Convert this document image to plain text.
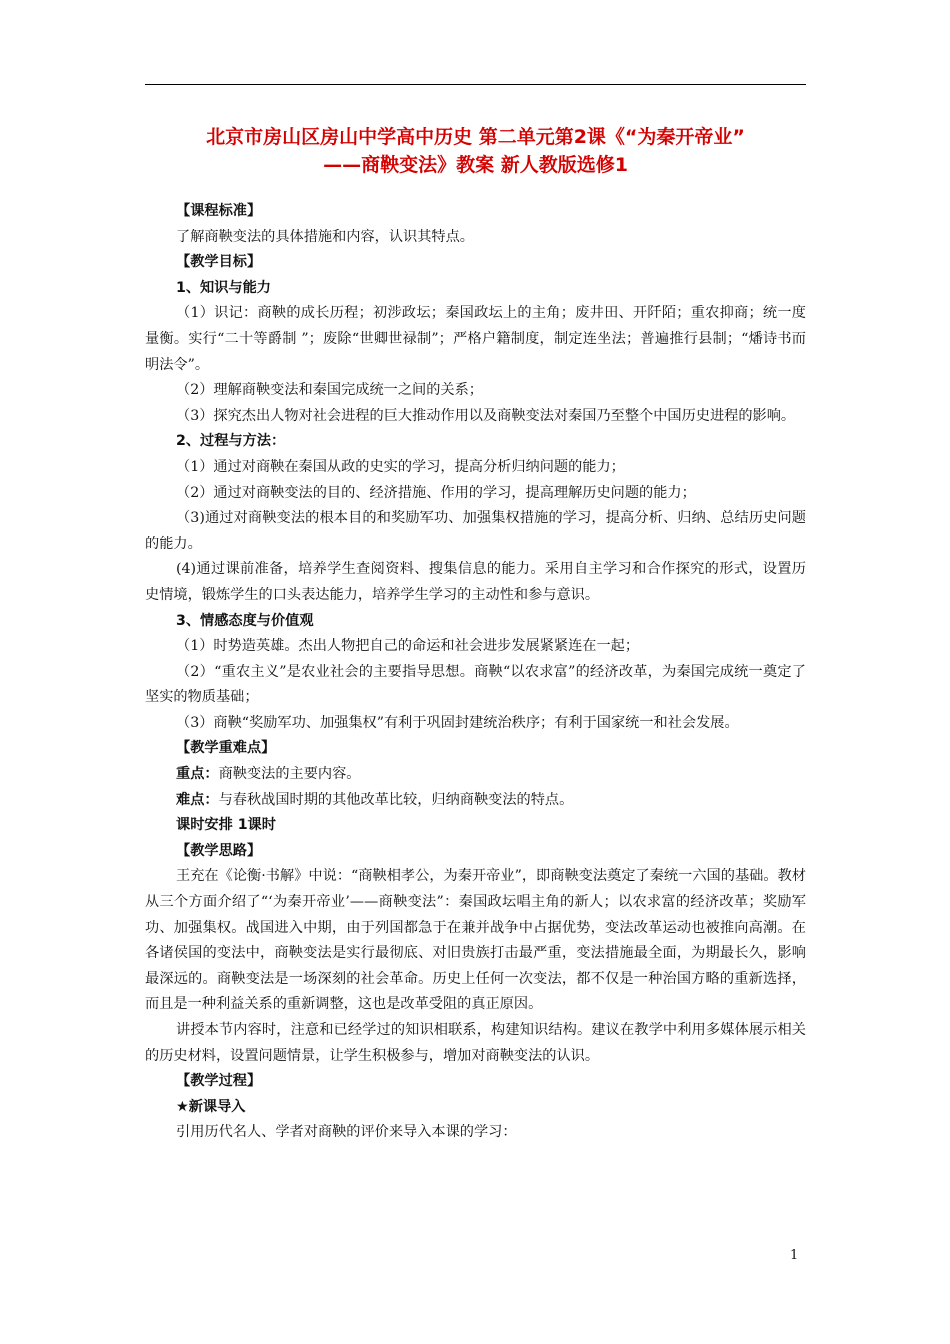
北京市房山区房山中学高中历史 第二单元第2课《“为秦开帝业”
——商鞅变法》教案 新人教版选修1

【课程标准】

了解商鞅变法的具体措施和内容，认识其特点。

【教学目标】

1、知识与能力

（1）识记：商鞅的成长历程；初涉政坛；秦国政坛上的主角；废井田、开阡陌；重农抑商；统一度量衡。实行“二十等爵制 ”；废除“世卿世禄制”；严格户籍制度，制定连坐法；普遍推行县制；“燔诗书而明法令”。

（2）理解商鞅变法和秦国完成统一之间的关系；

（3）探究杰出人物对社会进程的巨大推动作用以及商鞅变法对秦国乃至整个中国历史进程的影响。

2、过程与方法：

（1）通过对商鞅在秦国从政的史实的学习，提高分析归纳问题的能力；

（2）通过对商鞅变法的目的、经济措施、作用的学习，提高理解历史问题的能力；

（3)通过对商鞅变法的根本目的和奖励军功、加强集权措施的学习，提高分析、归纳、总结历史问题的能力。

(4)通过课前准备，培养学生查阅资料、搜集信息的能力。采用自主学习和合作探究的形式，设置历史情境，锻炼学生的口头表达能力，培养学生学习的主动性和参与意识。

3、情感态度与价值观

（1）时势造英雄。杰出人物把自己的命运和社会进步发展紧紧连在一起；

（2）“重农主义”是农业社会的主要指导思想。商鞅“以农求富”的经济改革，为秦国完成统一奠定了坚实的物质基础；

（3）商鞅“奖励军功、加强集权”有利于巩固封建统治秩序；有利于国家统一和社会发展。

【教学重难点】

重点：商鞅变法的主要内容。

难点：与春秋战国时期的其他改革比较，归纳商鞅变法的特点。

课时安排 1课时

【教学思路】

王充在《论衡·书解》中说：“商鞅相孝公，为秦开帝业”，即商鞅变法奠定了秦统一六国的基础。教材从三个方面介绍了“‘为秦开帝业’——商鞅变法”：秦国政坛唱主角的新人；以农求富的经济改革；奖励军功、加强集权。战国进入中期，由于列国都急于在兼并战争中占据优势，变法改革运动也被推向高潮。在各诸侯国的变法中，商鞅变法是实行最彻底、对旧贵族打击最严重，变法措施最全面，为期最长久，影响最深远的。商鞅变法是一场深刻的社会革命。历史上任何一次变法，都不仅是一种治国方略的重新选择，而且是一种利益关系的重新调整，这也是改革受阻的真正原因。

讲授本节内容时，注意和已经学过的知识相联系，构建知识结构。建议在教学中利用多媒体展示相关的历史材料，设置问题情景，让学生积极参与，增加对商鞅变法的认识。

【教学过程】

★新课导入

引用历代名人、学者对商鞅的评价来导入本课的学习：

1
